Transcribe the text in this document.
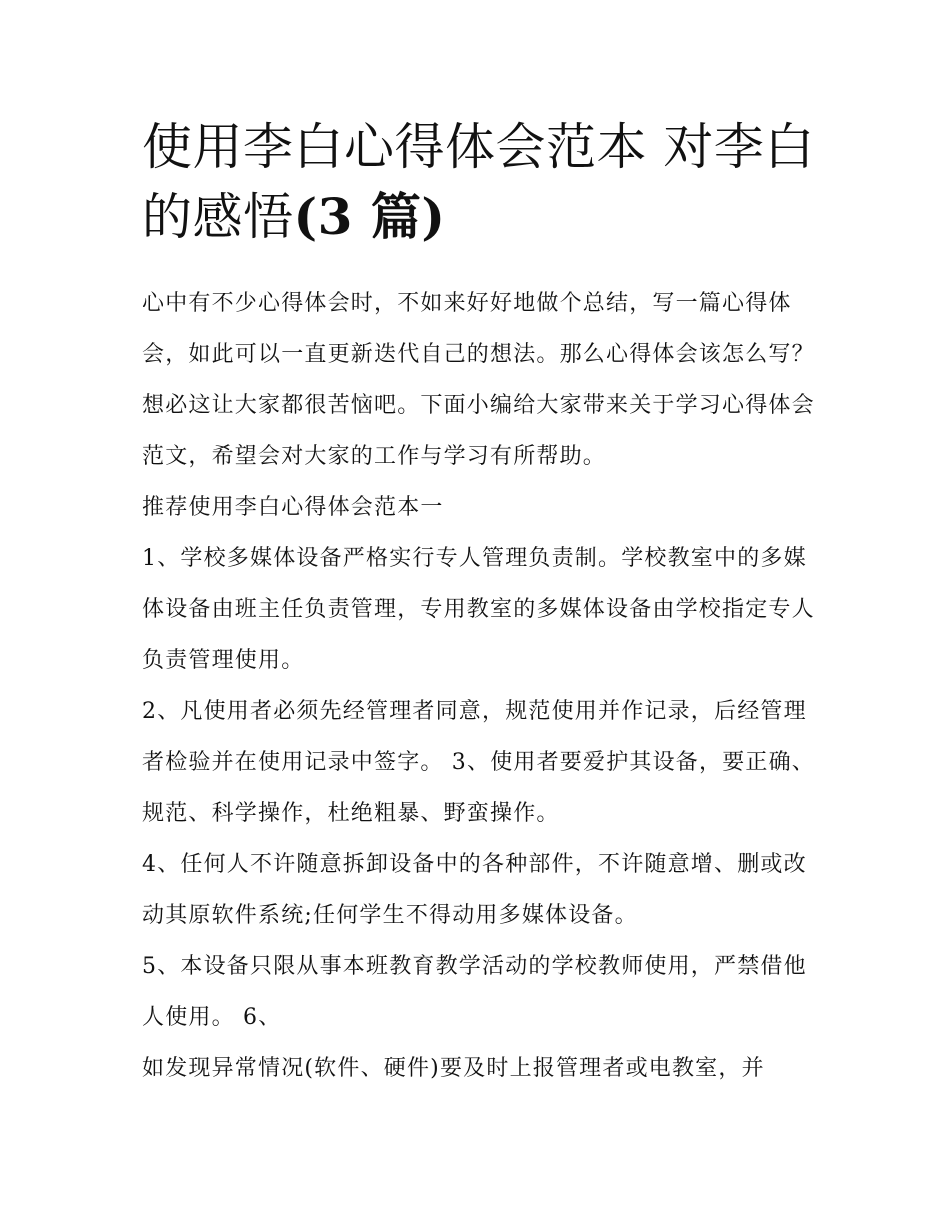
使用李白心得体会范本 对李白的感悟(3 篇)

心中有不少心得体会时，不如来好好地做个总结，写一篇心得体会，如此可以一直更新迭代自己的想法。那么心得体会该怎么写？想必这让大家都很苦恼吧。下面小编给大家带来关于学习心得体会范文，希望会对大家的工作与学习有所帮助。

推荐使用李白心得体会范本一

1、学校多媒体设备严格实行专人管理负责制。学校教室中的多媒体设备由班主任负责管理，专用教室的多媒体设备由学校指定专人负责管理使用。

2、凡使用者必须先经管理者同意，规范使用并作记录，后经管理者检验并在使用记录中签字。 3、使用者要爱护其设备，要正确、规范、科学操作，杜绝粗暴、野蛮操作。

4、任何人不许随意拆卸设备中的各种部件，不许随意增、删或改动其原软件系统;任何学生不得动用多媒体设备。

5、本设备只限从事本班教育教学活动的学校教师使用，严禁借他人使用。 6、

如发现异常情况(软件、硬件)要及时上报管理者或电教室，并
